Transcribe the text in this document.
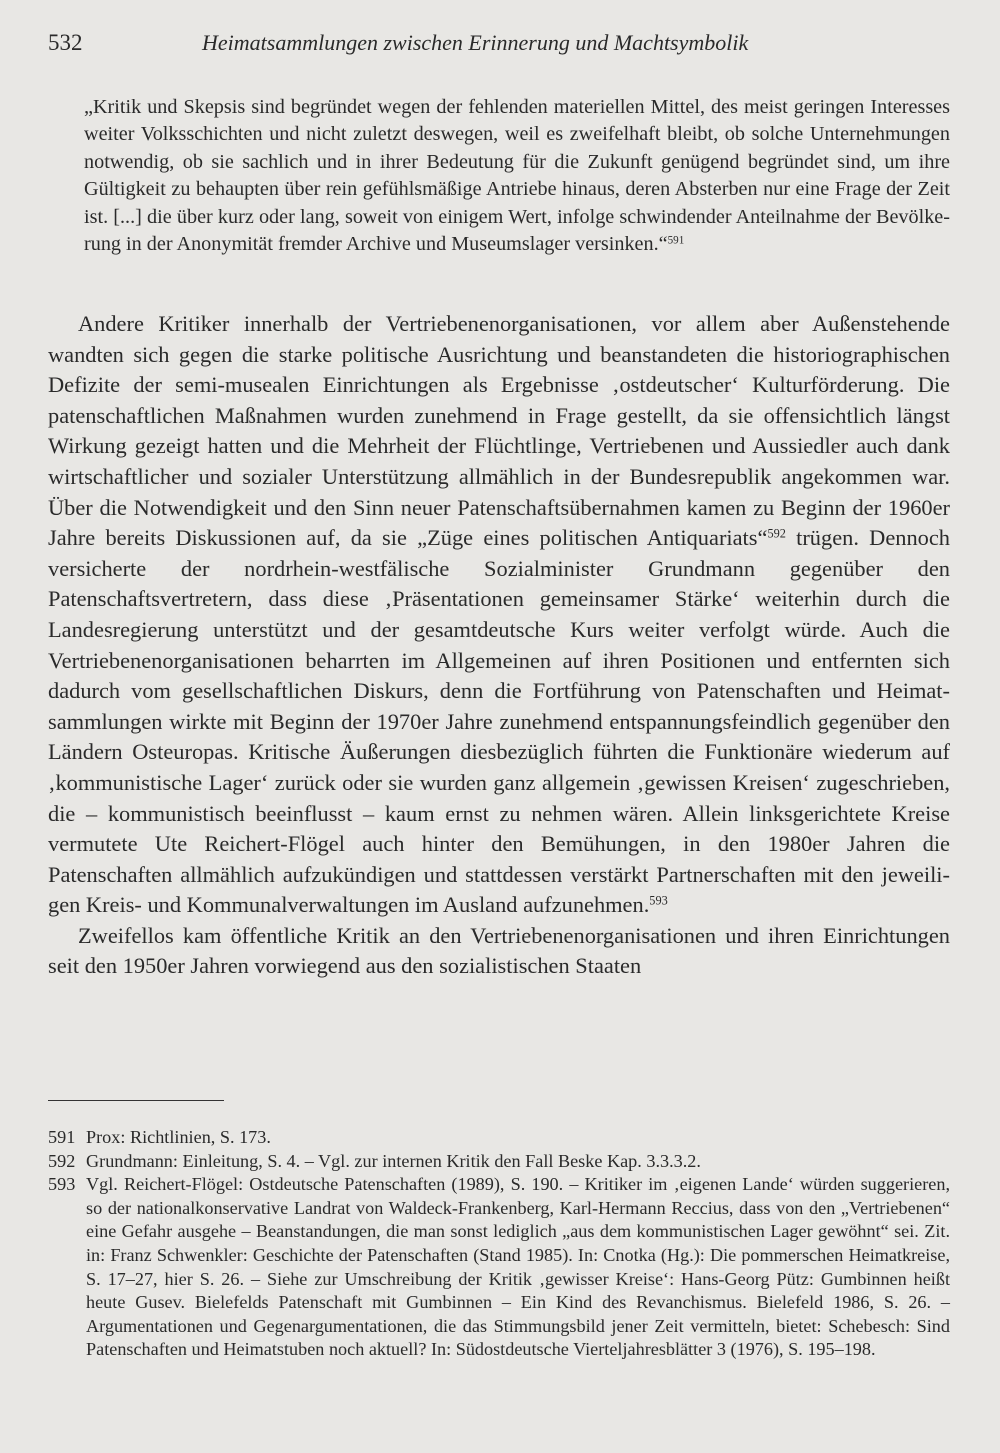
532	Heimatsammlungen zwischen Erinnerung und Machtsymbolik
„Kritik und Skepsis sind begründet wegen der fehlenden materiellen Mittel, des meist geringen Interesses weiter Volksschichten und nicht zuletzt deswegen, weil es zweifelhaft bleibt, ob solche Unternehmungen notwendig, ob sie sachlich und in ihrer Bedeutung für die Zukunft genügend begründet sind, um ihre Gültigkeit zu behaupten über rein gefühlsmäßige Antriebe hinaus, deren Absterben nur eine Frage der Zeit ist. [...] die über kurz oder lang, soweit von einigem Wert, infolge schwindender Anteilnahme der Bevölkerung in der Anonymität fremder Archive und Museumslager versinken.“$^{591}$

Andere Kritiker innerhalb der Vertriebenenorganisationen, vor allem aber Außenstehende wandten sich gegen die starke politische Ausrichtung und beanstandeten die historiographischen Defizite der semi-musealen Einrichtungen als Ergebnisse ‚ostdeutscher‘ Kulturförderung. Die patenschaftlichen Maßnahmen wurden zunehmend in Frage gestellt, da sie offensichtlich längst Wirkung gezeigt hatten und die Mehrheit der Flüchtlinge, Vertriebenen und Aussiedler auch dank wirtschaftlicher und sozialer Unterstützung allmählich in der Bundesrepublik angekommen war. Über die Notwendigkeit und den Sinn neuer Patenschaftsübernahmen kamen zu Beginn der 1960er Jahre bereits Diskussionen auf, da sie „Züge eines politischen Antiquariats“$^{592}$ trügen. Dennoch versicherte der nordrhein-westfälische Sozialminister Grundmann gegenüber den Patenschaftsvertretern, dass diese ‚Präsentationen gemeinsamer Stärke‘ weiterhin durch die Landesregierung unterstützt und der gesamtdeutsche Kurs weiter verfolgt würde. Auch die Vertriebenenorganisationen beharrten im Allgemeinen auf ihren Positionen und entfernten sich dadurch vom gesellschaftlichen Diskurs, denn die Fortführung von Patenschaften und Heimatsammlungen wirkte mit Beginn der 1970er Jahre zunehmend entspannungsfeindlich gegenüber den Ländern Osteuropas. Kritische Äußerungen diesbezüglich führten die Funktionäre wiederum auf ‚kommunistische Lager‘ zurück oder sie wurden ganz allgemein ‚gewissen Kreisen‘ zugeschrieben, die – kommunistisch beeinflusst – kaum ernst zu nehmen wären. Allein linksgerichtete Kreise vermutete Ute Reichert-Flögel auch hinter den Bemühungen, in den 1980er Jahren die Patenschaften allmählich aufzukündigen und stattdessen verstärkt Partnerschaften mit den jeweiligen Kreis- und Kommunalverwaltungen im Ausland aufzunehmen.$^{593}$

Zweifellos kam öffentliche Kritik an den Vertriebenenorganisationen und ihren Einrichtungen seit den 1950er Jahren vorwiegend aus den sozialistischen Staaten

591 Prox: Richtlinien, S. 173.
592 Grundmann: Einleitung, S. 4. – Vgl. zur internen Kritik den Fall Beske Kap. 3.3.3.2.
593 Vgl. Reichert-Flögel: Ostdeutsche Patenschaften (1989), S. 190. – Kritiker im ‚eigenen Lande‘ würden suggerieren, so der nationalkonservative Landrat von Waldeck-Frankenberg, Karl-Hermann Reccius, dass von den „Vertriebenen“ eine Gefahr ausgehe – Beanstandungen, die man sonst lediglich „aus dem kommunistischen Lager gewöhnt“ sei. Zit. in: Franz Schwenkler: Geschichte der Patenschaften (Stand 1985). In: Cnotka (Hg.): Die pommerschen Heimatkreise, S. 17–27, hier S. 26. – Siehe zur Umschreibung der Kritik ‚gewisser Kreise‘: Hans-Georg Pütz: Gumbinnen heißt heute Gusev. Bielefelds Patenschaft mit Gumbinnen – Ein Kind des Revanchismus. Bielefeld 1986, S. 26. – Argumentationen und Gegenargumentationen, die das Stimmungsbild jener Zeit vermitteln, bietet: Schebesch: Sind Patenschaften und Heimatstuben noch aktuell? In: Südostdeutsche Vierteljahresblätter 3 (1976), S. 195–198.
